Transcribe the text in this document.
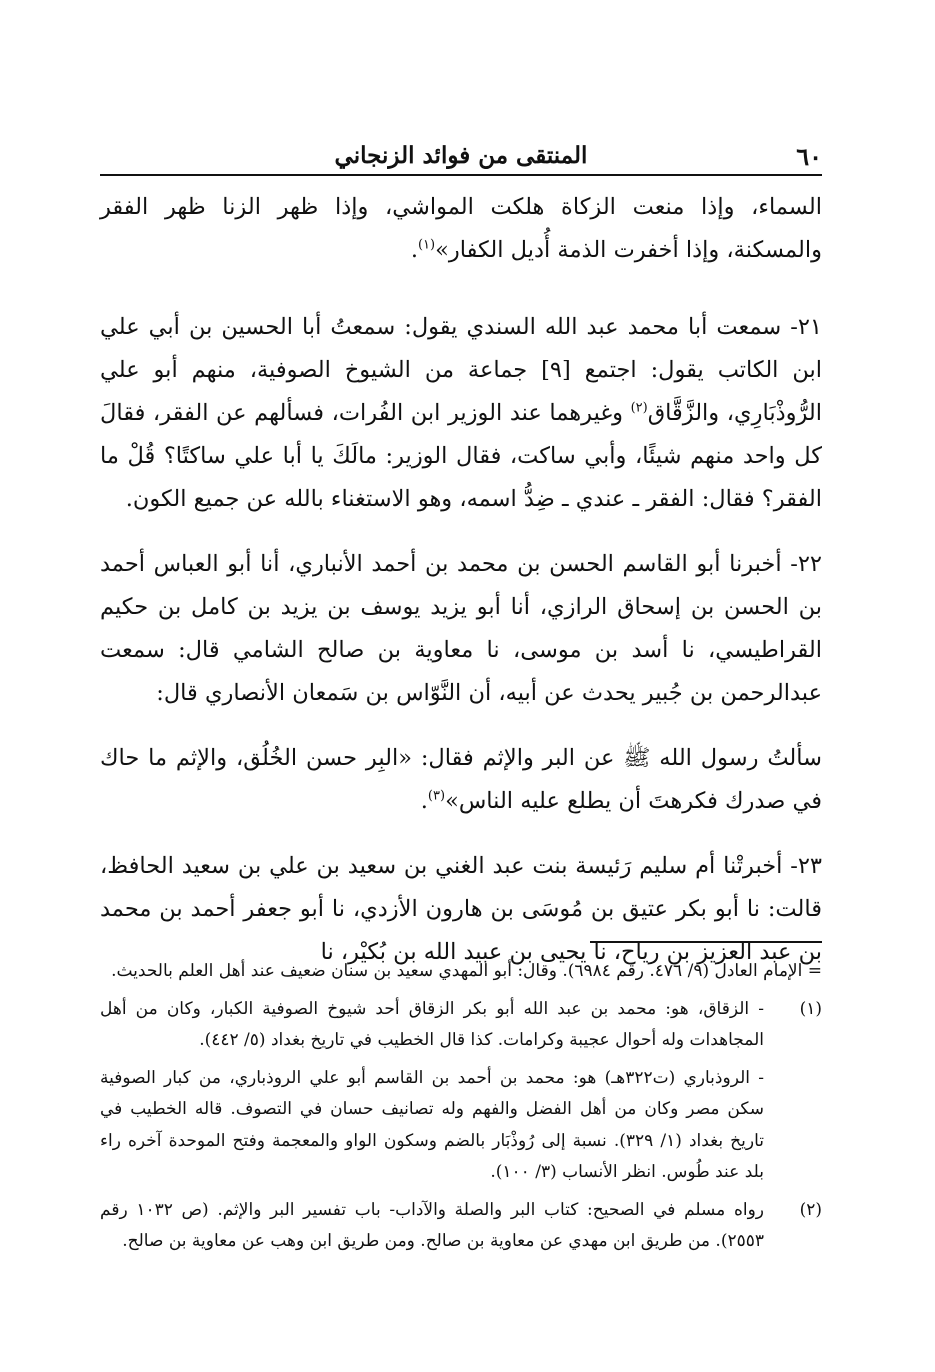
٦٠
المنتقى من فوائد الزنجاني

السماء، وإذا منعت الزكاة هلكت المواشي، وإذا ظهر الزنا ظهر الفقر والمسكنة، وإذا أخفرت الذمة أُديل الكفار»$^{(١)}$.

٢١- سمعت أبا محمد عبد الله السندي يقول: سمعتُ أبا الحسين بن أبي علي ابن الكاتب يقول: اجتمع [٩] جماعة من الشيوخ الصوفية، منهم أبو علي الرُّوذْبَارِي، والزَّقَّاق$^{(٢)}$ وغيرهما عند الوزير ابن الفُرات، فسألهم عن الفقر، فقالَ كل واحد منهم شيئًا، وأبي ساكت، فقال الوزير: مالَكَ يا أبا علي ساكتًا؟ قُلْ ما الفقر؟ فقال: الفقر ـ عندي ـ ضِدُّ اسمه، وهو الاستغناء بالله عن جميع الكون.

٢٢- أخبرنا أبو القاسم الحسن بن محمد بن أحمد الأنباري، أنا أبو العباس أحمد بن الحسن بن إسحاق الرازي، أنا أبو يزيد يوسف بن يزيد بن كامل بن حكيم القراطيسي، نا أسد بن موسى، نا معاوية بن صالح الشامي قال: سمعت عبدالرحمن بن جُبير يحدث عن أبيه، أن النَّوّاس بن سَمعان الأنصاري قال:

سألتُ رسول الله ﷺ عن البر والإثم فقال: «البِر حسن الخُلُق، والإثم ما حاك في صدرك فكرهتَ أن يطلع عليه الناس»$^{(٣)}$.

٢٣- أخبرتْنا أم سليم رَئيسة بنت عبد الغني بن سعيد بن علي بن سعيد الحافظ، قالت: نا أبو بكر عتيق بن مُوسَى بن هارون الأزدي، نا أبو جعفر أحمد بن محمد بن عبد العزيز بن رياح، نا يحيى بن عبيد الله بن بُكيْر، نا

= الإمام العادل (٩/ ٤٧٦. رقم ٦٩٨٤). وقال: أبو المهدي سعيد بن سنان ضعيف عند أهل العلم بالحديث.

(١)

- الزقاق، هو: محمد بن عبد الله أبو بكر الزقاق أحد شيوخ الصوفية الكبار، وكان من أهل المجاهدات وله أحوال عجيبة وكرامات. كذا قال الخطيب في تاريخ بغداد (٥/ ٤٤٢).

- الروذباري (ت٣٢٢هـ) هو: محمد بن أحمد بن القاسم أبو علي الروذباري، من كبار الصوفية سكن مصر وكان من أهل الفضل والفهم وله تصانيف حسان في التصوف. قاله الخطيب في تاريخ بغداد (١/ ٣٢٩). نسبة إلى رُوذْبَار بالضم وسكون الواو والمعجمة وفتح الموحدة آخره راء بلد عند طُوس. انظر الأنساب (٣/ ١٠٠).

(٢)

رواه مسلم في الصحيح: كتاب البر والصلة والآداب- باب تفسير البر والإثم. (ص ١٠٣٢ رقم ٢٥٥٣). من طريق ابن مهدي عن معاوية بن صالح. ومن طريق ابن وهب عن معاوية بن صالح.
